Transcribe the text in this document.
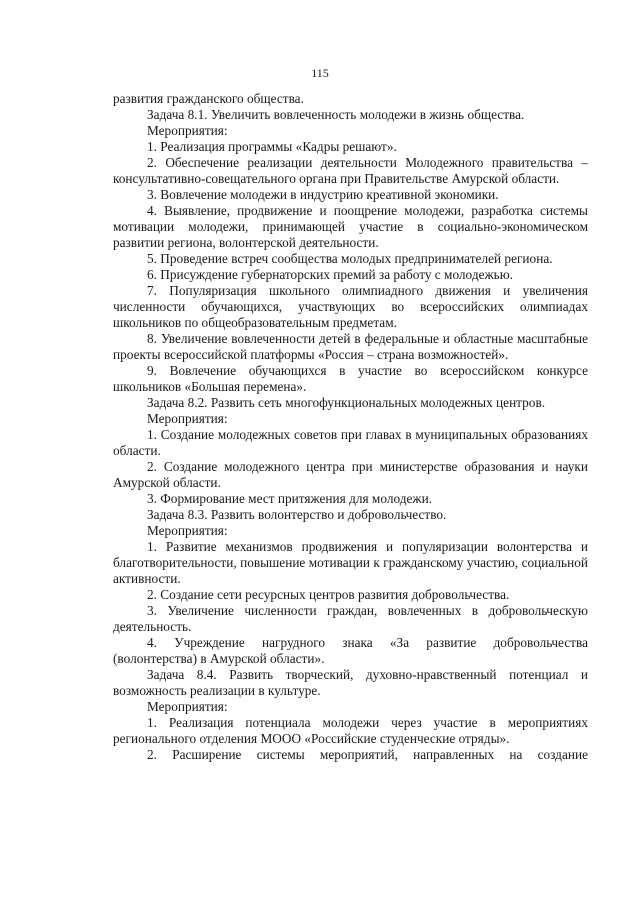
115

развития гражданского общества.

Задача 8.1. Увеличить вовлеченность молодежи в жизнь общества.

Мероприятия:

1. Реализация программы «Кадры решают».

2. Обеспечение реализации деятельности Молодежного правительства – консультативно-совещательного органа при Правительстве Амурской области.

3. Вовлечение молодежи в индустрию креативной экономики.

4. Выявление, продвижение и поощрение молодежи, разработка системы мотивации молодежи, принимающей участие в социально-экономическом развитии региона, волонтерской деятельности.

5. Проведение встреч сообщества молодых предпринимателей региона.

6. Присуждение губернаторских премий за работу с молодежью.

7. Популяризация школьного олимпиадного движения и увеличения численности обучающихся, участвующих во всероссийских олимпиадах школьников по общеобразовательным предметам.

8. Увеличение вовлеченности детей в федеральные и областные масштабные проекты всероссийской платформы «Россия – страна возможностей».

9. Вовлечение обучающихся в участие во всероссийском конкурсе школьников «Большая перемена».

Задача 8.2. Развить сеть многофункциональных молодежных центров.

Мероприятия:

1. Создание молодежных советов при главах в муниципальных образованиях области.

2. Создание молодежного центра при министерстве образования и науки Амурской области.

3. Формирование мест притяжения для молодежи.

Задача 8.3. Развить волонтерство и добровольчество.

Мероприятия:

1. Развитие механизмов продвижения и популяризации волонтерства и благотворительности, повышение мотивации к гражданскому участию, социальной активности.

2. Создание сети ресурсных центров развития добровольчества.

3. Увеличение численности граждан, вовлеченных в добровольческую деятельность.

4. Учреждение нагрудного знака «За развитие добровольчества (волонтерства) в Амурской области».

Задача 8.4. Развить творческий, духовно-нравственный потенциал и возможность реализации в культуре.

Мероприятия:

1. Реализация потенциала молодежи через участие в мероприятиях регионального отделения МООО «Российские студенческие отряды».

2. Расширение системы мероприятий, направленных на создание
